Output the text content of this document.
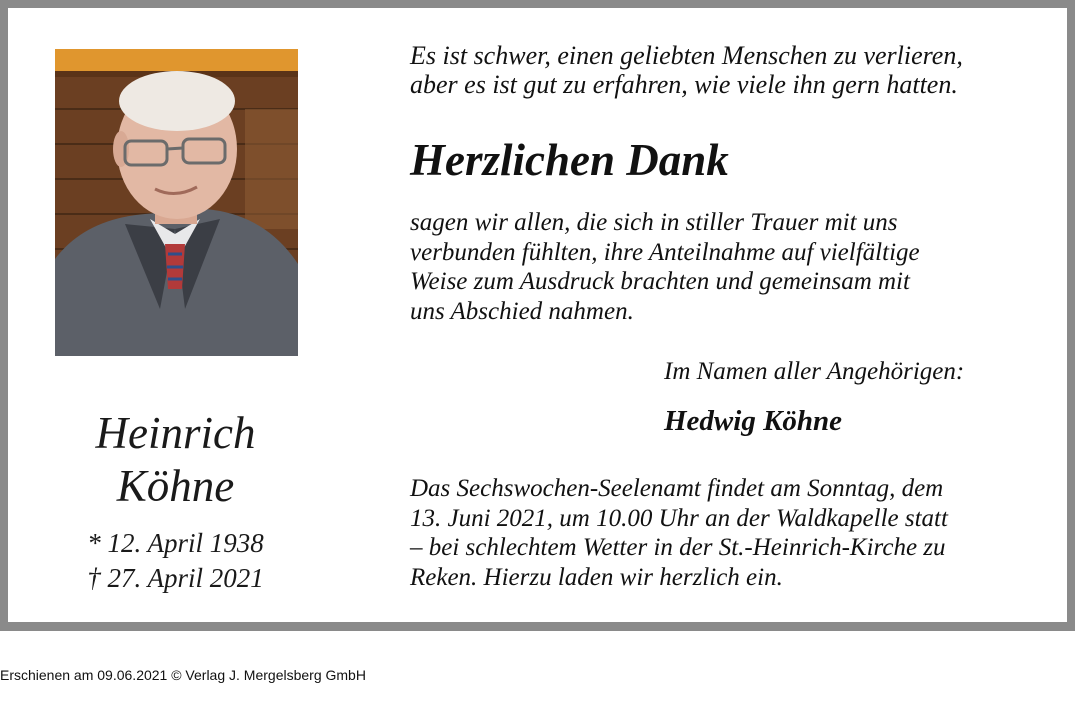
Heinrich
Köhne
* 12. April 1938
† 27. April 2021
Es ist schwer, einen geliebten Menschen zu verlieren,
aber es ist gut zu erfahren, wie viele ihn gern hatten.
Herzlichen Dank
sagen wir allen, die sich in stiller Trauer mit uns
verbunden fühlten, ihre Anteilnahme auf vielfältige
Weise zum Ausdruck brachten und gemeinsam mit
uns Abschied nahmen.
Im Namen aller Angehörigen:
Hedwig Köhne
Das Sechswochen-Seelenamt findet am Sonntag, dem
13. Juni 2021, um 10.00 Uhr an der Waldkapelle statt
– bei schlechtem Wetter in der St.-Heinrich-Kirche zu
Reken. Hierzu laden wir herzlich ein.
Erschienen am 09.06.2021 © Verlag J. Mergelsberg GmbH
